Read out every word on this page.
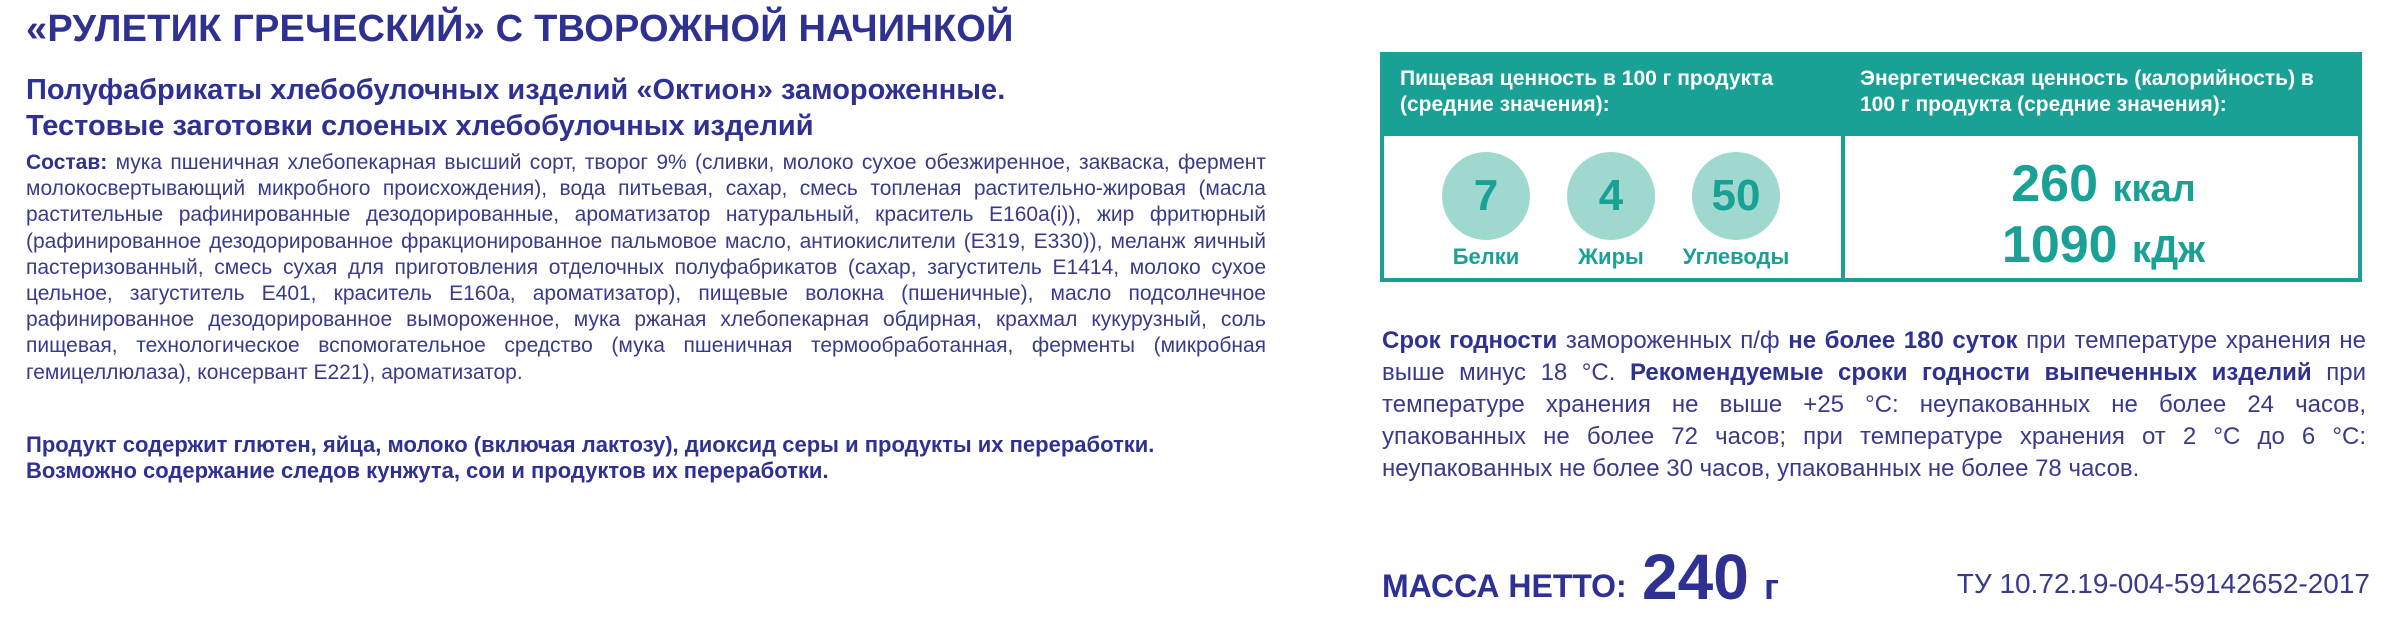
«РУЛЕТИК ГРЕЧЕСКИЙ» С ТВОРОЖНОЙ НАЧИНКОЙ
Полуфабрикаты хлебобулочных изделий «Октион» замороженные.
Тестовые заготовки слоеных хлебобулочных изделий
Состав: мука пшеничная хлебопекарная высший сорт, творог 9% (сливки, молоко сухое обезжиренное, закваска, фермент молокосвертывающий микробного происхождения), вода питьевая, сахар, смесь топленая растительно-жировая (масла растительные рафинированные дезодорированные, ароматизатор натуральный, краситель E160a(i)), жир фритюрный (рафинированное дезодорированное фракционированное пальмовое масло, антиокислители (E319, E330)), меланж яичный пастеризованный, смесь сухая для приготовления отделочных полуфабрикатов (сахар, загуститель E1414, молоко сухое цельное, загуститель E401, краситель E160a, ароматизатор), пищевые волокна (пшеничные), масло подсолнечное рафинированное дезодорированное вымороженное, мука ржаная хлебопекарная обдирная, крахмал кукурузный, соль пищевая, технологическое вспомогательное средство (мука пшеничная термообработанная, ферменты (микробная гемицеллюлаза), консервант E221), ароматизатор.
Продукт содержит глютен, яйца, молоко (включая лактозу), диоксид серы и продукты их переработки.
Возможно содержание следов кунжута, сои и продуктов их переработки.
Пищевая ценность в 100 г продукта (средние значения):
Энергетическая ценность (калорийность) в 100 г продукта (средние значения):
7
Белки
4
Жиры
50
Углеводы
260 ккал
1090 кДж
Срок годности замороженных п/ф не более 180 суток при температуре хранения не выше минус 18 °C. Рекомендуемые сроки годности выпеченных изделий при температуре хранения не выше +25 °C: неупакованных не более 24 часов, упакованных не более 72 часов; при температуре хранения от 2 °C до 6 °C: неупакованных не более 30 часов, упакованных не более 78 часов.
МАССА НЕТТО: 240 г	ТУ 10.72.19-004-59142652-2017
